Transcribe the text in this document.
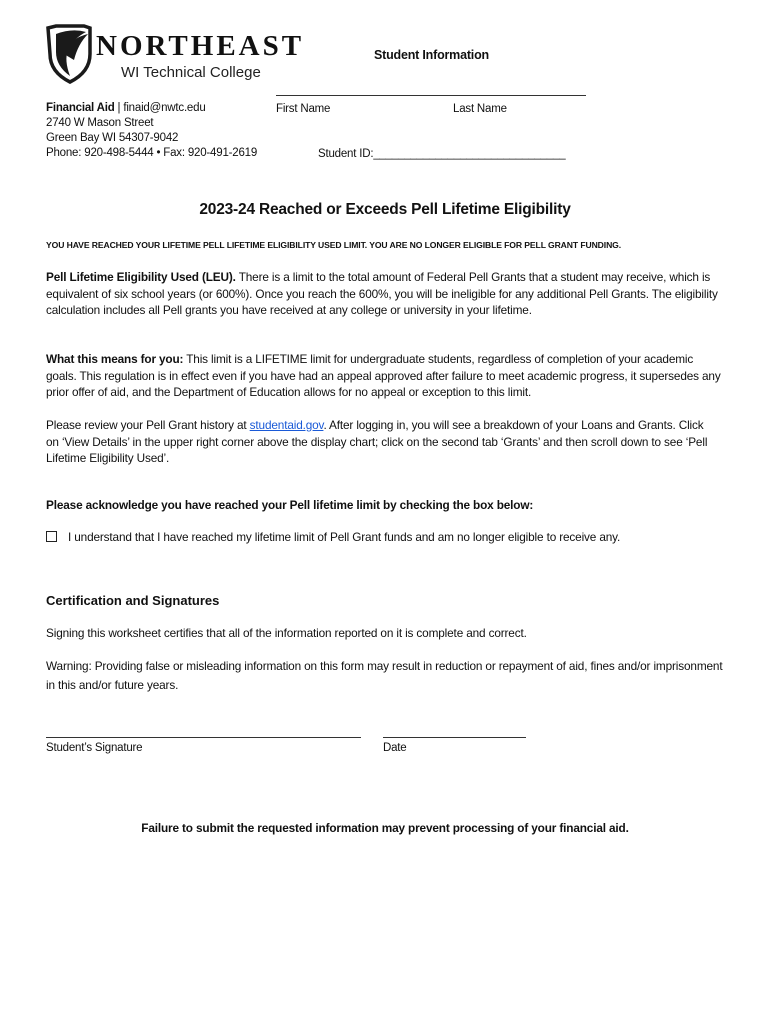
NORTHEAST
WI Technical College
Financial Aid | finaid@nwtc.edu
2740 W Mason Street
Green Bay WI 54307-9042
Phone: 920-498-5444 • Fax: 920-491-2619
Student Information
First Name	Last Name
Student ID:_______________________________
2023-24 Reached or Exceeds Pell Lifetime Eligibility
YOU HAVE REACHED YOUR LIFETIME PELL LIFETIME ELIGIBILITY USED LIMIT. YOU ARE NO LONGER ELIGIBLE FOR PELL GRANT FUNDING.
Pell Lifetime Eligibility Used (LEU). There is a limit to the total amount of Federal Pell Grants that a student may receive, which is equivalent of six school years (or 600%). Once you reach the 600%, you will be ineligible for any additional Pell Grants. The eligibility calculation includes all Pell grants you have received at any college or university in your lifetime.
What this means for you: This limit is a LIFETIME limit for undergraduate students, regardless of completion of your academic goals. This regulation is in effect even if you have had an appeal approved after failure to meet academic progress, it supersedes any prior offer of aid, and the Department of Education allows for no appeal or exception to this limit.
Please review your Pell Grant history at studentaid.gov. After logging in, you will see a breakdown of your Loans and Grants. Click on ‘View Details’ in the upper right corner above the display chart; click on the second tab ‘Grants’ and then scroll down to see ‘Pell Lifetime Eligibility Used’.
Please acknowledge you have reached your Pell lifetime limit by checking the box below:
I understand that I have reached my lifetime limit of Pell Grant funds and am no longer eligible to receive any.
Certification and Signatures
Signing this worksheet certifies that all of the information reported on it is complete and correct.
Warning: Providing false or misleading information on this form may result in reduction or repayment of aid, fines and/or imprisonment in this and/or future years.
Student’s Signature	Date
Failure to submit the requested information may prevent processing of your financial aid.
